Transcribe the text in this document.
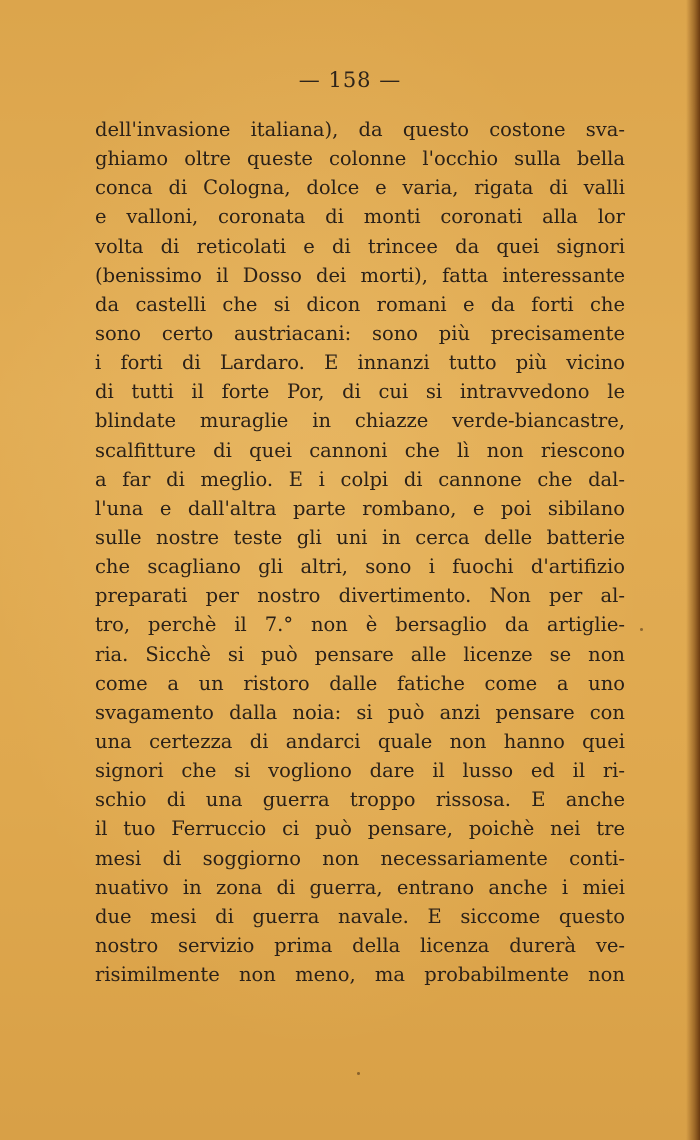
— 158 —
dell'invasione italiana), da questo costone sva-
ghiamo oltre queste colonne l'occhio sulla bella
conca di Cologna, dolce e varia, rigata di valli
e valloni, coronata di monti coronati alla lor
volta di reticolati e di trincee da quei signori
(benissimo il Dosso dei morti), fatta interessante
da castelli che si dicon romani e da forti che
sono certo austriacani: sono più precisamente
i forti di Lardaro. E innanzi tutto più vicino
di tutti il forte Por, di cui si intravvedono le
blindate muraglie in chiazze verde-biancastre,
scalfitture di quei cannoni che lì non riescono
a far di meglio. E i colpi di cannone che dal-
l'una e dall'altra parte rombano, e poi sibilano
sulle nostre teste gli uni in cerca delle batterie
che scagliano gli altri, sono i fuochi d'artifizio
preparati per nostro divertimento. Non per al-
tro, perchè il 7.° non è bersaglio da artiglie-
ria. Sicchè si può pensare alle licenze se non
come a un ristoro dalle fatiche come a uno
svagamento dalla noia: si può anzi pensare con
una certezza di andarci quale non hanno quei
signori che si vogliono dare il lusso ed il ri-
schio di una guerra troppo rissosa. E anche
il tuo Ferruccio ci può pensare, poichè nei tre
mesi di soggiorno non necessariamente conti-
nuativo in zona di guerra, entrano anche i miei
due mesi di guerra navale. E siccome questo
nostro servizio prima della licenza durerà ve-
risimilmente non meno, ma probabilmente non
